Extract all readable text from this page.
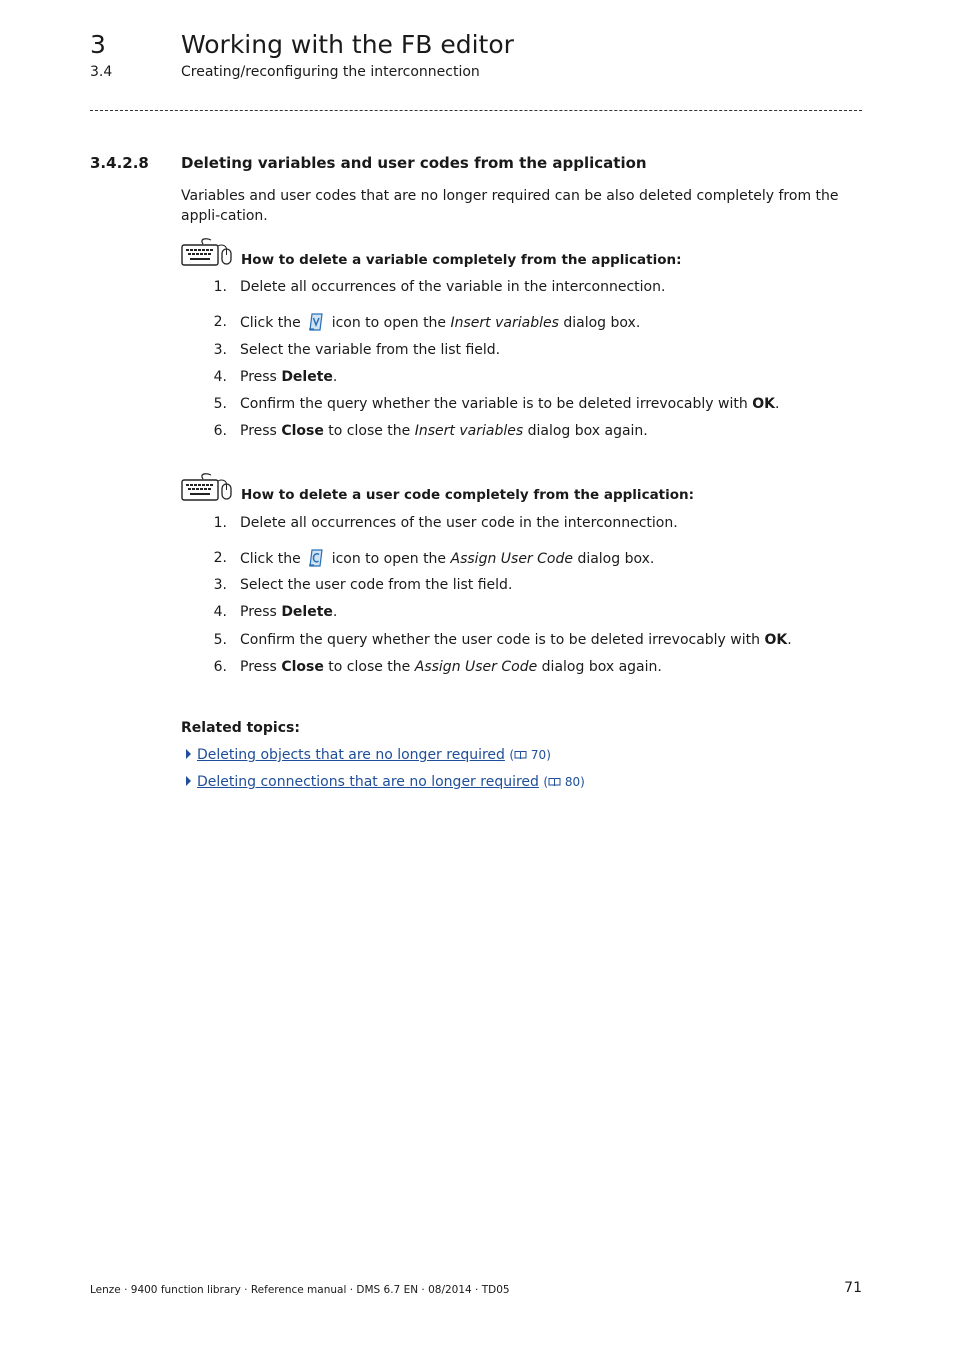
3	Working with the FB editor
3.4	Creating/reconfiguring the interconnection
3.4.2.8 Deleting variables and user codes from the application
Variables and user codes that are no longer required can be also deleted completely from the appli-cation.
How to delete a variable completely from the application:
1. Delete all occurrences of the variable in the interconnection.
2. Click the icon to open the Insert variables dialog box.
3. Select the variable from the list field.
4. Press Delete.
5. Confirm the query whether the variable is to be deleted irrevocably with OK.
6. Press Close to close the Insert variables dialog box again.
How to delete a user code completely from the application:
1. Delete all occurrences of the user code in the interconnection.
2. Click the icon to open the Assign User Code dialog box.
3. Select the user code from the list field.
4. Press Delete.
5. Confirm the query whether the user code is to be deleted irrevocably with OK.
6. Press Close to close the Assign User Code dialog box again.
Related topics:
Deleting objects that are no longer required ( 70)
Deleting connections that are no longer required ( 80)
Lenze · 9400 function library · Reference manual · DMS 6.7 EN · 08/2014 · TD05	71
